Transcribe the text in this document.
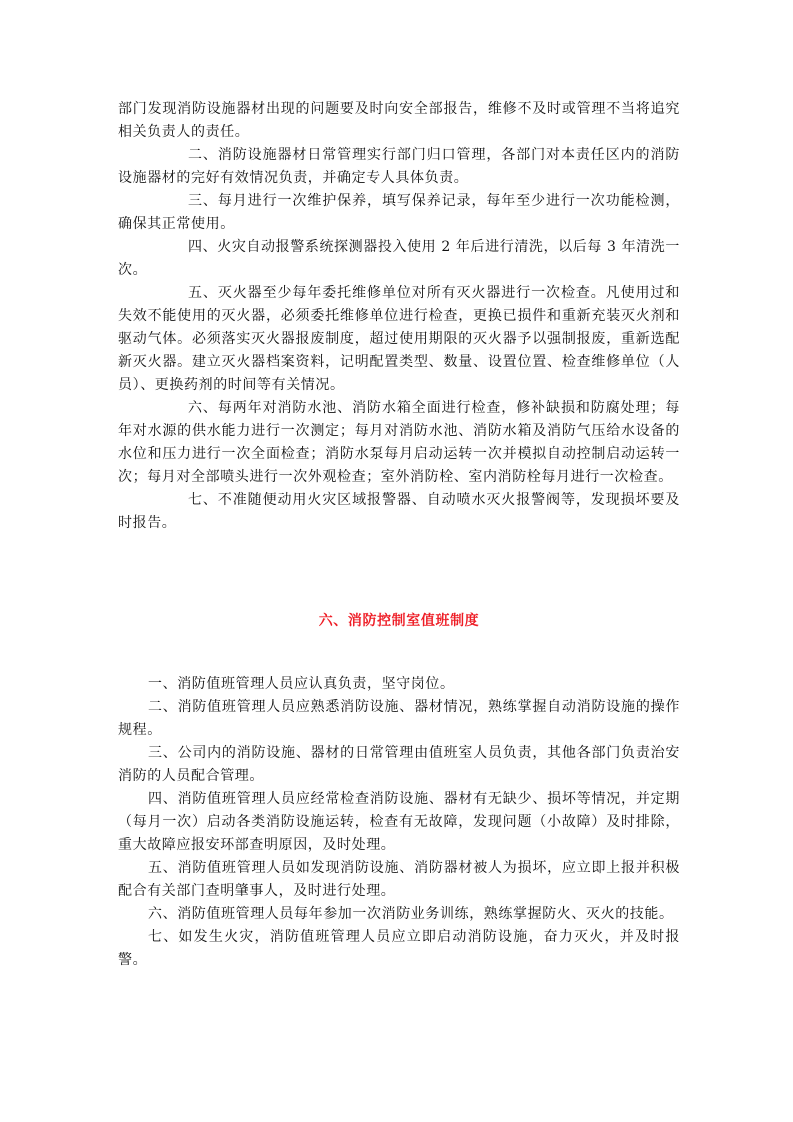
部门发现消防设施器材出现的问题要及时向安全部报告，维修不及时或管理不当将追究相关负责人的责任。

二、消防设施器材日常管理实行部门归口管理，各部门对本责任区内的消防设施器材的完好有效情况负责，并确定专人具体负责。

三、每月进行一次维护保养，填写保养记录，每年至少进行一次功能检测，确保其正常使用。

四、火灾自动报警系统探测器投入使用 2 年后进行清洗，以后每 3 年清洗一次。

五、灭火器至少每年委托维修单位对所有灭火器进行一次检查。凡使用过和失效不能使用的灭火器，必须委托维修单位进行检查，更换已损件和重新充装灭火剂和驱动气体。必须落实灭火器报废制度，超过使用期限的灭火器予以强制报废，重新选配新灭火器。建立灭火器档案资料，记明配置类型、数量、设置位置、检查维修单位（人员）、更换药剂的时间等有关情况。

六、每两年对消防水池、消防水箱全面进行检查，修补缺损和防腐处理；每年对水源的供水能力进行一次测定；每月对消防水池、消防水箱及消防气压给水设备的水位和压力进行一次全面检查；消防水泵每月启动运转一次并模拟自动控制启动运转一次；每月对全部喷头进行一次外观检查；室外消防栓、室内消防栓每月进行一次检查。

七、不准随便动用火灾区域报警器、自动喷水灭火报警阀等，发现损坏要及时报告。

六、消防控制室值班制度

一、消防值班管理人员应认真负责，坚守岗位。

二、消防值班管理人员应熟悉消防设施、器材情况，熟练掌握自动消防设施的操作规程。

三、公司内的消防设施、器材的日常管理由值班室人员负责，其他各部门负责治安消防的人员配合管理。

四、消防值班管理人员应经常检查消防设施、器材有无缺少、损坏等情况，并定期（每月一次）启动各类消防设施运转，检查有无故障，发现问题（小故障）及时排除，重大故障应报安环部查明原因，及时处理。

五、消防值班管理人员如发现消防设施、消防器材被人为损坏，应立即上报并积极配合有关部门查明肇事人，及时进行处理。

六、消防值班管理人员每年参加一次消防业务训练，熟练掌握防火、灭火的技能。

七、如发生火灾，消防值班管理人员应立即启动消防设施，奋力灭火，并及时报警。
